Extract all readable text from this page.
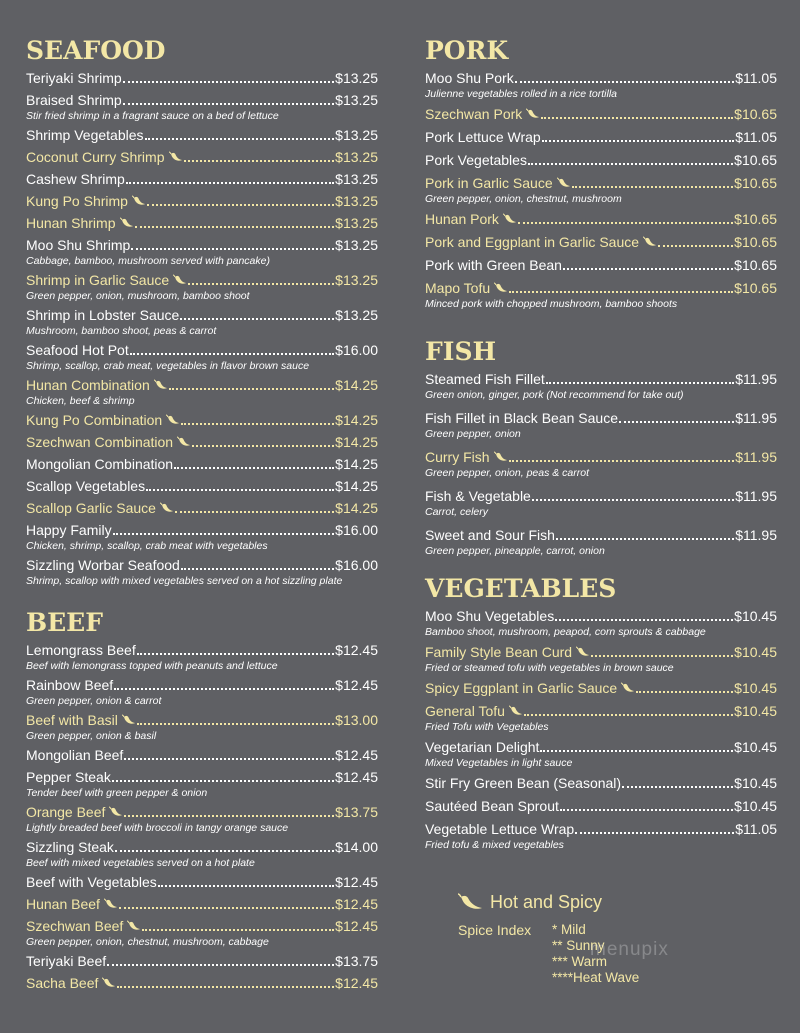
SEAFOOD
Teriyaki Shrimp	$13.25
Braised Shrimp	$13.25
Stir fried shrimp in a fragrant sauce on a bed of lettuce
Shrimp Vegetables	$13.25
Coconut Curry Shrimp	$13.25
Cashew Shrimp	$13.25
Kung Po Shrimp	$13.25
Hunan Shrimp	$13.25
Moo Shu Shrimp	$13.25
Cabbage, bamboo, mushroom served with pancake)
Shrimp in Garlic Sauce	$13.25
Green pepper, onion, mushroom, bamboo shoot
Shrimp in Lobster Sauce	$13.25
Mushroom, bamboo shoot, peas & carrot
Seafood Hot Pot	$16.00
Shrimp, scallop, crab meat, vegetables in flavor brown sauce
Hunan Combination	$14.25
Chicken, beef & shrimp
Kung Po Combination	$14.25
Szechwan Combination	$14.25
Mongolian Combination	$14.25
Scallop Vegetables	$14.25
Scallop Garlic Sauce	$14.25
Happy Family	$16.00
Chicken, shrimp, scallop, crab meat with vegetables
Sizzling Worbar Seafood	$16.00
Shrimp, scallop with mixed vegetables served on a hot sizzling plate
BEEF
Lemongrass Beef	$12.45
Beef with lemongrass topped with peanuts and lettuce
Rainbow Beef	$12.45
Green pepper, onion & carrot
Beef with Basil	$13.00
Green pepper, onion & basil
Mongolian Beef	$12.45
Pepper Steak	$12.45
Tender beef with green pepper & onion
Orange Beef	$13.75
Lightly breaded beef with broccoli in tangy orange sauce
Sizzling Steak	$14.00
Beef with mixed vegetables served on a hot plate
Beef with Vegetables	$12.45
Hunan Beef	$12.45
Szechwan Beef	$12.45
Green pepper, onion, chestnut, mushroom, cabbage
Teriyaki Beef	$13.75
Sacha Beef	$12.45
PORK
Moo Shu Pork	$11.05
Julienne vegetables rolled in a rice tortilla
Szechwan Pork	$10.65
Pork Lettuce Wrap	$11.05
Pork Vegetables	$10.65
Pork in Garlic Sauce	$10.65
Green pepper, onion, chestnut, mushroom
Hunan Pork	$10.65
Pork and Eggplant in Garlic Sauce	$10.65
Pork with Green Bean	$10.65
Mapo Tofu	$10.65
Minced pork with chopped mushroom, bamboo shoots
FISH
Steamed Fish Fillet	$11.95
Green onion, ginger, pork (Not recommend for take out)
Fish Fillet in Black Bean Sauce	$11.95
Green pepper, onion
Curry Fish	$11.95
Green pepper, onion, peas & carrot
Fish & Vegetable	$11.95
Carrot, celery
Sweet and Sour Fish	$11.95
Green pepper, pineapple, carrot, onion
VEGETABLES
Moo Shu Vegetables	$10.45
Bamboo shoot, mushroom, peapod, corn sprouts & cabbage
Family Style Bean Curd	$10.45
Fried or steamed tofu with vegetables in brown sauce
Spicy Eggplant in Garlic Sauce	$10.45
General Tofu	$10.45
Fried Tofu with Vegetables
Vegetarian Delight	$10.45
Mixed Vegetables in light sauce
Stir Fry Green Bean (Seasonal)	$10.45
Sautéed Bean Sprout	$10.45
Vegetable Lettuce Wrap	$11.05
Fried tofu & mixed vegetables
Hot and Spicy
Spice Index * Mild
** Sunny
*** Warm
****Heat Wave
menupix
